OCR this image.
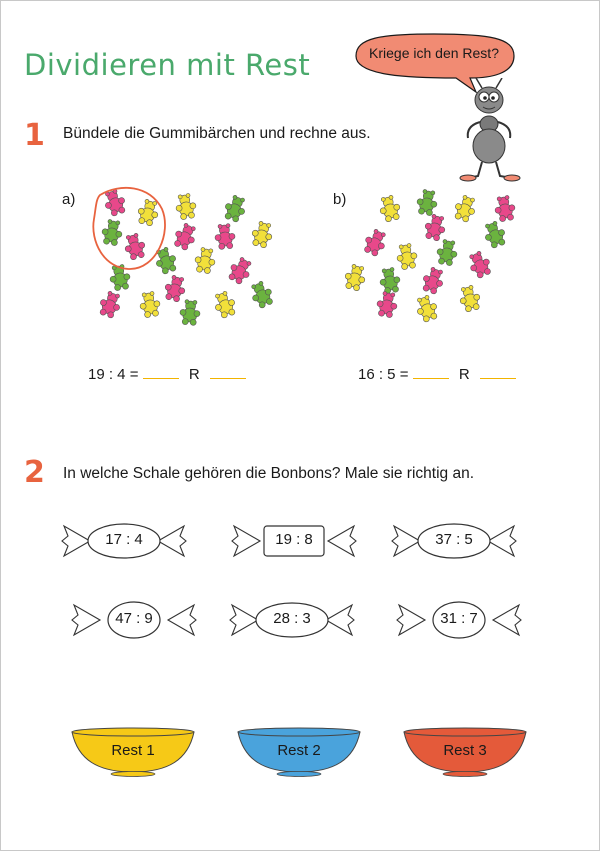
Dividieren mit Rest	Kriege ich den Rest?
1 Bündele die Gummibärchen und rechne aus.
a)	b)
19 : 4 =	R	16 : 5 =	R
2 In welche Schale gehören die Bonbons? Male sie richtig an.
17 : 4	19 : 8	37 : 5
47 : 9	28 : 3	31 : 7
Rest 1	Rest 2	Rest 3
